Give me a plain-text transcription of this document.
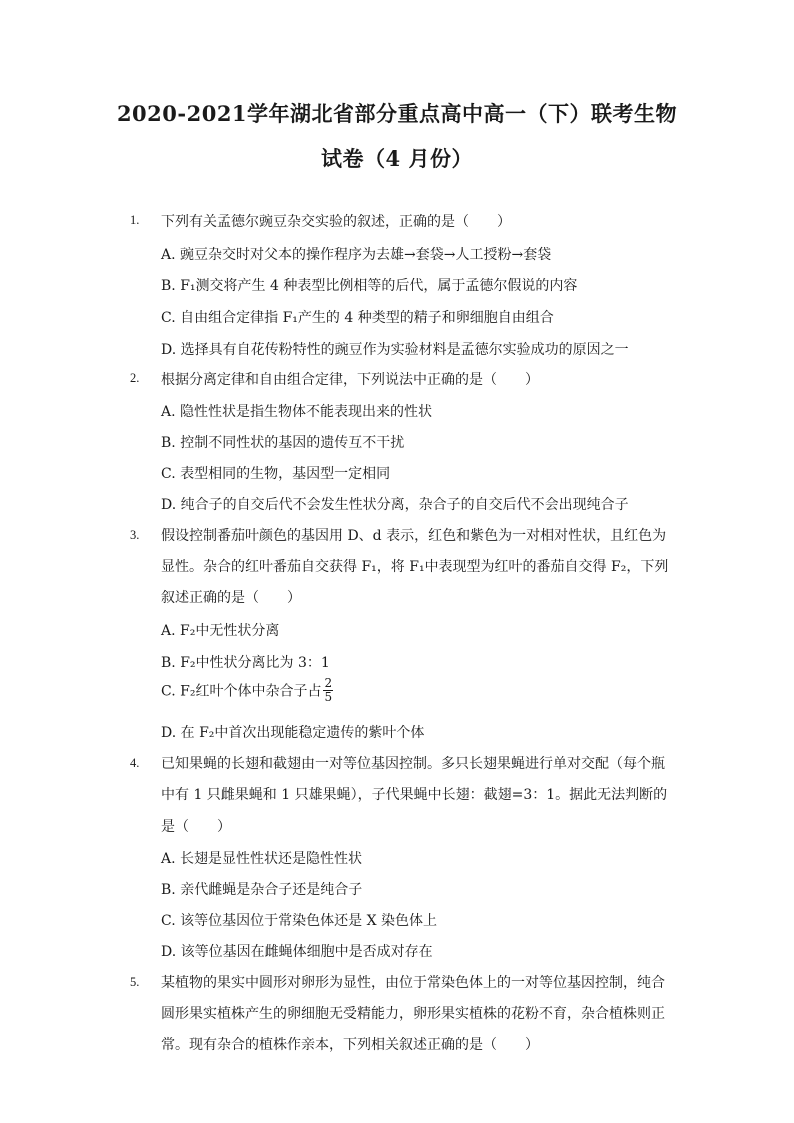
2020-2021学年湖北省部分重点高中高一（下）联考生物
试卷（4 月份）
1. 下列有关孟德尔豌豆杂交实验的叙述，正确的是（　　）
A. 豌豆杂交时对父本的操作程序为去雄→套袋→人工授粉→套袋
B. F₁测交将产生 4 种表型比例相等的后代，属于孟德尔假说的内容
C. 自由组合定律指 F₁产生的 4 种类型的精子和卵细胞自由组合
D. 选择具有自花传粉特性的豌豆作为实验材料是孟德尔实验成功的原因之一
2. 根据分离定律和自由组合定律，下列说法中正确的是（　　）
A. 隐性性状是指生物体不能表现出来的性状
B. 控制不同性状的基因的遗传互不干扰
C. 表型相同的生物，基因型一定相同
D. 纯合子的自交后代不会发生性状分离，杂合子的自交后代不会出现纯合子
3. 假设控制番茄叶颜色的基因用 D、d 表示，红色和紫色为一对相对性状，且红色为
显性。杂合的红叶番茄自交获得 F₁，将 F₁中表现型为红叶的番茄自交得 F₂，下列
叙述正确的是（　　）
A. F₂中无性状分离
B. F₂中性状分离比为 3：1
C. F₂红叶个体中杂合子占 $\frac{2}{5}$
D. 在 F₂中首次出现能稳定遗传的紫叶个体
4. 已知果蝇的长翅和截翅由一对等位基因控制。多只长翅果蝇进行单对交配（每个瓶
中有 1 只雌果蝇和 1 只雄果蝇），子代果蝇中长翅：截翅=3：1。据此无法判断的
是（　　）
A. 长翅是显性性状还是隐性性状
B. 亲代雌蝇是杂合子还是纯合子
C. 该等位基因位于常染色体还是 X 染色体上
D. 该等位基因在雌蝇体细胞中是否成对存在
5. 某植物的果实中圆形对卵形为显性，由位于常染色体上的一对等位基因控制，纯合
圆形果实植株产生的卵细胞无受精能力，卵形果实植株的花粉不育，杂合植株则正
常。现有杂合的植株作亲本，下列相关叙述正确的是（　　）
